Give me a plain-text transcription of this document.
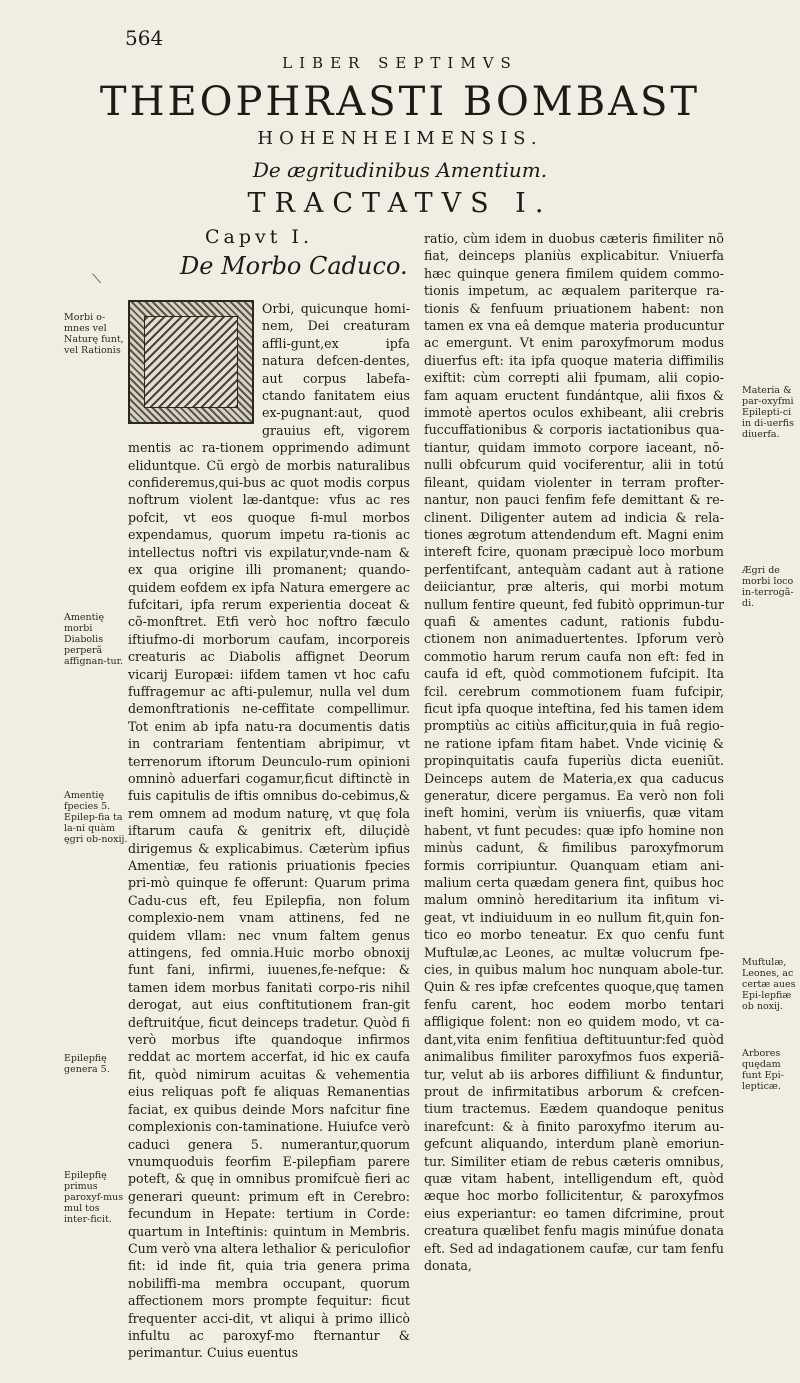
564
LIBER SEPTIMVS
THEOPHRASTI BOMBAST
HOHENHEIMENSIS.
De ægritudinibus Amentium.
TRACTATVS I.
Capvt I.
De Morbo Caduco.

Orbi, quicunque homi-nem, Dei creaturam affli-gunt,ex ipfa natura defcen-dentes, aut corpus labefa-ctando fanitatem eius ex-pugnant:aut, quod grauius eft, vigorem mentis ac ra-tionem opprimendo adimunt eliduntque. Cũ ergò de morbis naturalibus confideremus,qui-bus ac quot modis corpus noftrum violent læ-dantque: vfus ac res pofcit, vt eos quoque fi-mul morbos expendamus, quorum impetu ra-tionis ac intellectus noftri vis expilatur,vnde-nam & ex qua origine illi promanent; quando-quidem eofdem ex ipfa Natura emergere ac fufcitari, ipfa rerum experientia doceat & cõ-monftret. Etfi verò hoc noftro fæculo iftiufmo-di morborum caufam, incorporeis creaturis ac Diabolis affignet Deorum vicarij Europæi: iifdem tamen vt hoc cafu fuffragemur ac afti-pulemur, nulla vel dum demonftrationis ne-ceffitate compellimur. Tot enim ab ipfa natu-ra documentis datis in contrariam fententiam abripimur, vt terrenorum iftorum Deunculo-rum opinioni omninò aduerfari cogamur,ficut diftinctè in fuis capitulis de iftis omnibus do-cebimus,& rem omnem ad modum naturę, vt quę fola iftarum caufa & genitrix eft, diluçidè dirigemus & explicabimus. Cæterùm ipfius Amentiæ, feu rationis priuationis fpecies pri-mò quinque fe offerunt: Quarum prima Cadu-cus eft, feu Epilepfia, non folum complexio-nem vnam attinens, fed ne quidem vllam: nec vnum faltem genus attingens, fed omnia.Huic morbo obnoxij funt fani, infirmi, iuuenes,fe-nefque: & tamen idem morbus fanitati corpo-ris nihil derogat, aut eius conftitutionem fran-git deftruitq́ue, ficut deinceps tradetur. Quòd fi verò morbus ifte quandoque infirmos reddat ac mortem accerfat, id hic ex caufa fit, quòd nimirum acuitas & vehementia eius reliquas poft fe aliquas Remanentias faciat, ex quibus deinde Mors nafcitur fine complexionis con-taminatione. Huiufce verò caduci genera 5. numerantur,quorum vnumquoduis feorfim E-pilepfiam parere poteft, & quę in omnibus promifcuè fieri ac generari queunt: primum eft in Cerebro: fecundum in Hepate: tertium in Corde: quartum in Inteftinis: quintum in Membris. Cum verò vna altera lethalior & periculofior fit: id inde fit, quia tria genera prima nobiliffi-ma membra occupant, quorum affectionem mors prompte fequitur: ficut frequenter acci-dit, vt aliqui à primo illicò infultu ac paroxyf-mo fternantur & perimantur. Cuius euentus

ratio, cùm idem in duobus cæteris fimiliter nõ fiat, deinceps planiùs explicabitur. Vniuerfa hæc quinque genera fimilem quidem commo-tionis impetum, ac æqualem pariterque ra-tionis & fenfuum priuationem habent: non tamen ex vna eâ demque materia producuntur ac emergunt. Vt enim paroxyfmorum modus diuerfus eft: ita ipfa quoque materia diffimilis exiftit: cùm correpti alii fpumam, alii copio-fam aquam eructent fundántque, alii fixos & immotè apertos oculos exhibeant, alii crebris fuccuffationibus & corporis iactationibus qua-tiantur, quidam immoto corpore iaceant, nõ-nulli obfcurum quid vociferentur, alii in totú fileant, quidam violenter in terram profter-nantur, non pauci fenfim fefe demittant & re-clinent. Diligenter autem ad indicia & rela-tiones ægrotum attendendum eft. Magni enim intereft fcire, quonam præcipuè loco morbum perfentifcant, antequàm cadant aut à ratione deiiciantur, præ alteris, qui morbi motum nullum fentire queunt, fed fubitò opprimun-tur quafi & amentes cadunt, rationis fubdu-ctionem non animaduertentes. Ipforum verò commotio harum rerum caufa non eft: fed in caufa id eft, quòd commotionem fufcipit. Ita fcil. cerebrum commotionem fuam fufcipir, ficut ipfa quoque inteftina, fed his tamen idem promptiùs ac citiùs afficitur,quia in fuâ regio-ne ratione ipfam fitam habet. Vnde vicinię & propinquitatis caufa fuperiùs dicta eueniũt. Deinceps autem de Materia,ex qua caducus generatur, dicere pergamus. Ea verò non foli ineft homini, verùm iis vniuerfis, quæ vitam habent, vt funt pecudes: quæ ipfo homine non minùs cadunt, & fimilibus paroxyfmorum formis corripiuntur. Quanquam etiam ani-malium certa quædam genera fint, quibus hoc malum omninò hereditarium ita infitum vi-geat, vt indiuiduum in eo nullum fit,quin fon-tico eo morbo teneatur. Ex quo cenfu funt Muftulæ,ac Leones, ac multæ volucrum fpe-cies, in quibus malum hoc nunquam abole-tur. Quin & res ipfæ crefcentes quoque,quę tamen fenfu carent, hoc eodem morbo tentari affligique folent: non eo quidem modo, vt ca-dant,vita enim fenfitiua deftituuntur:fed quòd animalibus fimiliter paroxyfmos fuos experiã-tur, velut ab iis arbores diffiliunt & finduntur, prout de infirmitatibus arborum & crefcen-tium tractemus. Eædem quandoque penitus inarefcunt: & à finito paroxyfmo iterum au-gefcunt aliquando, interdum planè emoriun-tur. Similiter etiam de rebus cæteris omnibus, quæ vitam habent, intelligendum eft, quòd æque hoc morbo follicitentur, & paroxyfmos eius experiantur: eo tamen difcrimine, prout creatura quælibet fenfu magis minúfue donata eft. Sed ad indagationem caufæ, cur tam fenfu donata,

Morbi o-mnes vel Naturę funt, vel Rationis
Amentię morbi Diabolis perperã affignan-tur.
Amentię fpecies 5. Epilep-fia ta la-ni quàm ęgri ob-noxij.
Epilepfię genera 5.
Epilepfię primus paroxyf-mus mul tos inter-ficit.
Materia & par-oxyfmi Epilepti-ci in di-uerfis diuerfa.
Ægri de morbi loco in-terrogã-di.
Muftulæ, Leones, ac certæ aues Epi-lepfiæ ob noxij.
Arbores quędam funt Epi-lepticæ.
⟍
